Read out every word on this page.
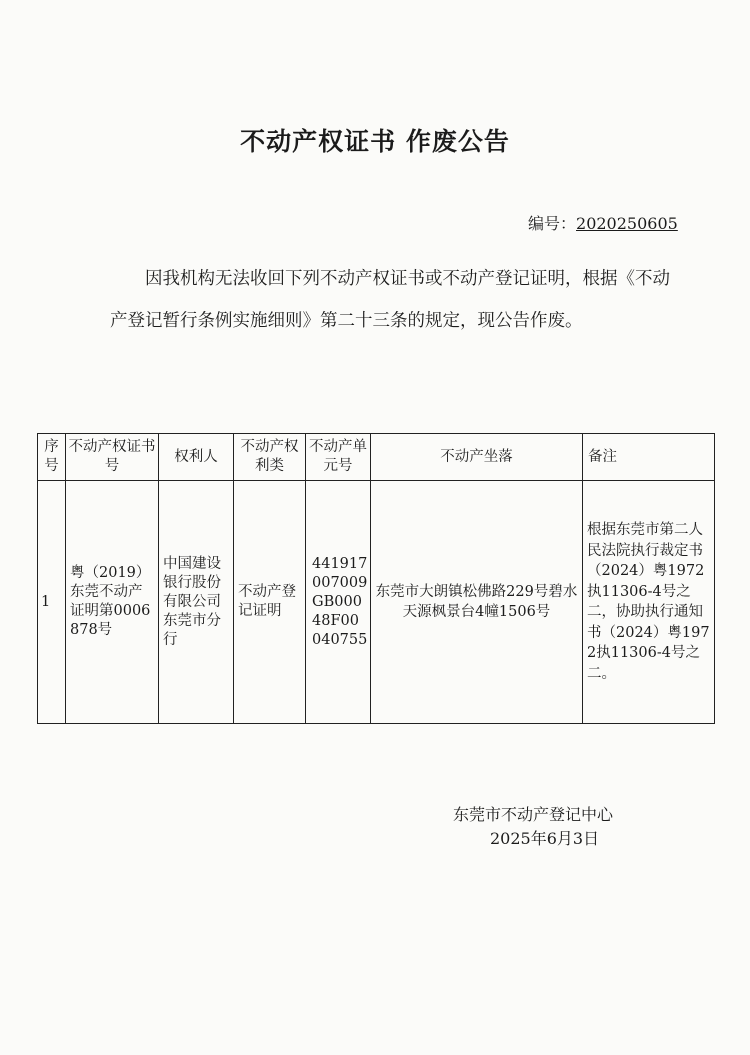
不动产权证书 作废公告
编号：2020250605

因我机构无法收回下列不动产权证书或不动产登记证明，根据《不动产登记暂行条例实施细则》第二十三条的规定，现公告作废。

序号	不动产权证书号	权利人	不动产权利类	不动产单元号	不动产坐落	备注
1	粤（2019）东莞不动产证明第0006878号	中国建设银行股份有限公司东莞市分行	不动产登记证明	441917007009GB00048F00040755	东莞市大朗镇松佛路229号碧水天源枫景台4幢1506号	根据东莞市第二人民法院执行裁定书（2024）粤1972执11306-4号之二，协助执行通知书（2024）粤1972执11306-4号之二。
东莞市不动产登记中心
2025年6月3日
